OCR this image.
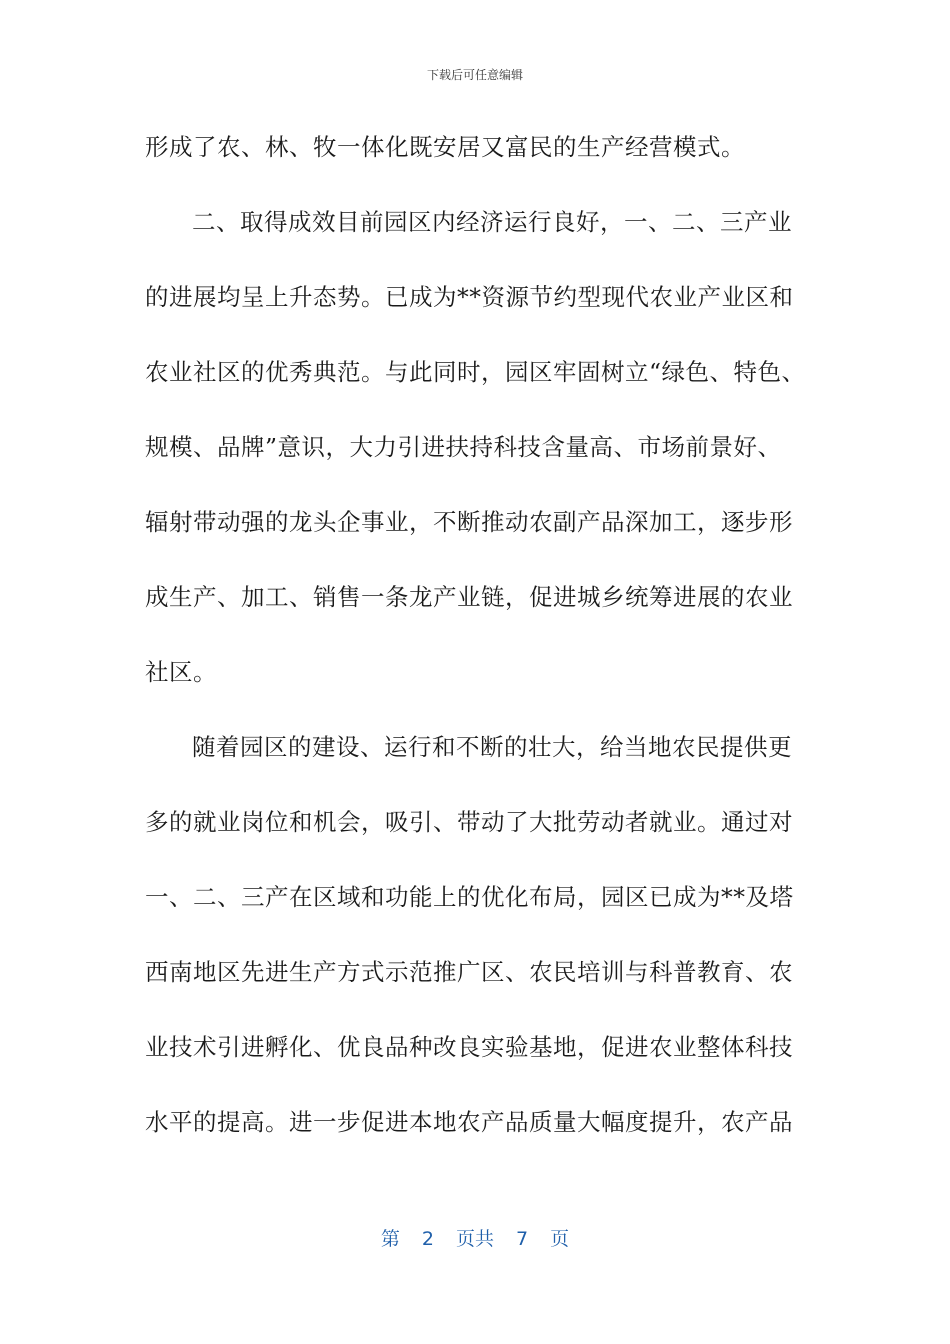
下载后可任意编辑
形成了农、林、牧一体化既安居又富民的生产经营模式。
二、取得成效目前园区内经济运行良好，一、二、三产业
的进展均呈上升态势。已成为**资源节约型现代农业产业区和
农业社区的优秀典范。与此同时，园区牢固树立“绿色、特色、
规模、品牌”意识，大力引进扶持科技含量高、市场前景好、
辐射带动强的龙头企事业，不断推动农副产品深加工，逐步形
成生产、加工、销售一条龙产业链，促进城乡统筹进展的农业
社区。
随着园区的建设、运行和不断的壮大，给当地农民提供更
多的就业岗位和机会，吸引、带动了大批劳动者就业。通过对
一、二、三产在区域和功能上的优化布局，园区已成为**及塔
西南地区先进生产方式示范推广区、农民培训与科普教育、农
业技术引进孵化、优良品种改良实验基地，促进农业整体科技
水平的提高。进一步促进本地农产品质量大幅度提升，农产品
第 2 页共 7 页
